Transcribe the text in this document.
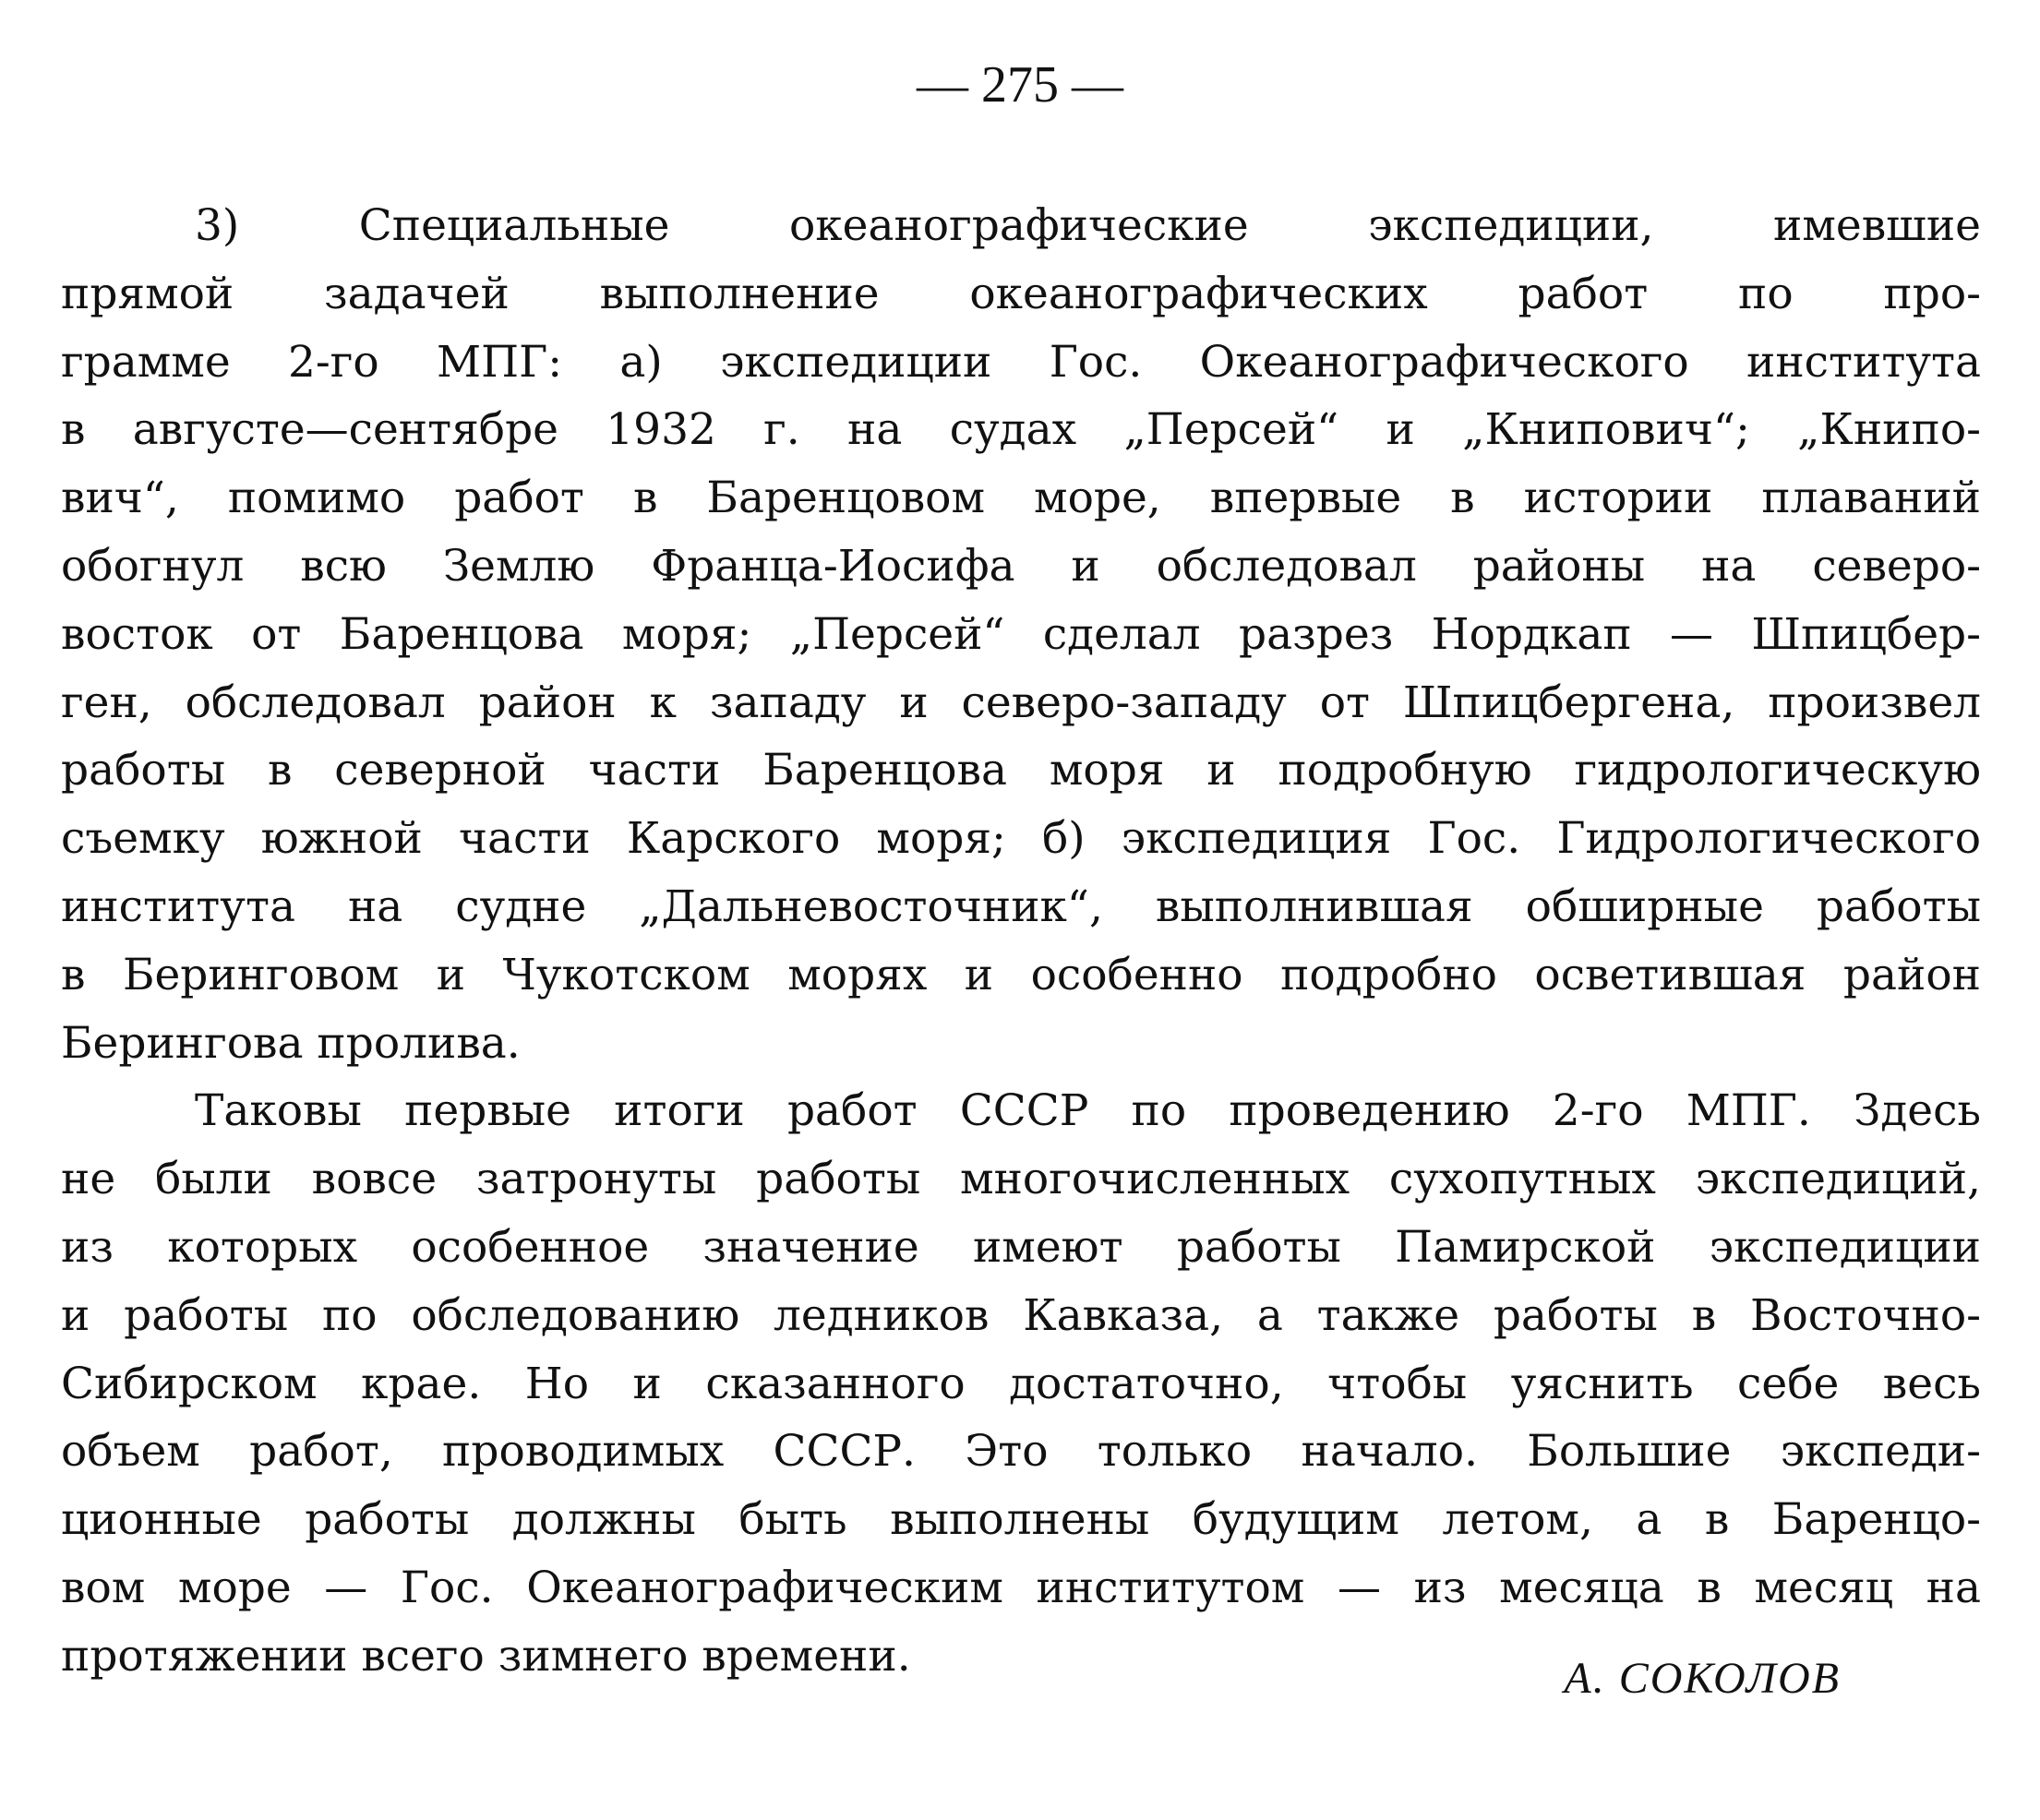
— 275 —
3) Специальные океанографические экспедиции, имевшие
прямой задачей выполнение океанографических работ по про-
грамме 2-го МПГ: а) экспедиции Гос. Океанографического института
в августе—сентябре 1932 г. на судах „Персей“ и „Книпович“; „Книпо-
вич“, помимо работ в Баренцовом море, впервые в истории плаваний
обогнул всю Землю Франца-Иосифа и обследовал районы на северо-
восток от Баренцова моря; „Персей“ сделал разрез Нордкап — Шпицбер-
ген, обследовал район к западу и северо-западу от Шпицбергена, произвел
работы в северной части Баренцова моря и подробную гидрологическую
съемку южной части Карского моря; б) экспедиция Гос. Гидрологического
института на судне „Дальневосточник“, выполнившая обширные работы
в Беринговом и Чукотском морях и особенно подробно осветившая район
Берингова пролива.
Таковы первые итоги работ СССР по проведению 2-го МПГ. Здесь
не были вовсе затронуты работы многочисленных сухопутных экспедиций,
из которых особенное значение имеют работы Памирской экспедиции
и работы по обследованию ледников Кавказа, а также работы в Восточно-
Сибирском крае. Но и сказанного достаточно, чтобы уяснить себе весь
объем работ, проводимых СССР. Это только начало. Большие экспеди-
ционные работы должны быть выполнены будущим летом, а в Баренцо-
вом море — Гос. Океанографическим институтом — из месяца в месяц на
протяжении всего зимнего времени.	А. СОКОЛОВ
